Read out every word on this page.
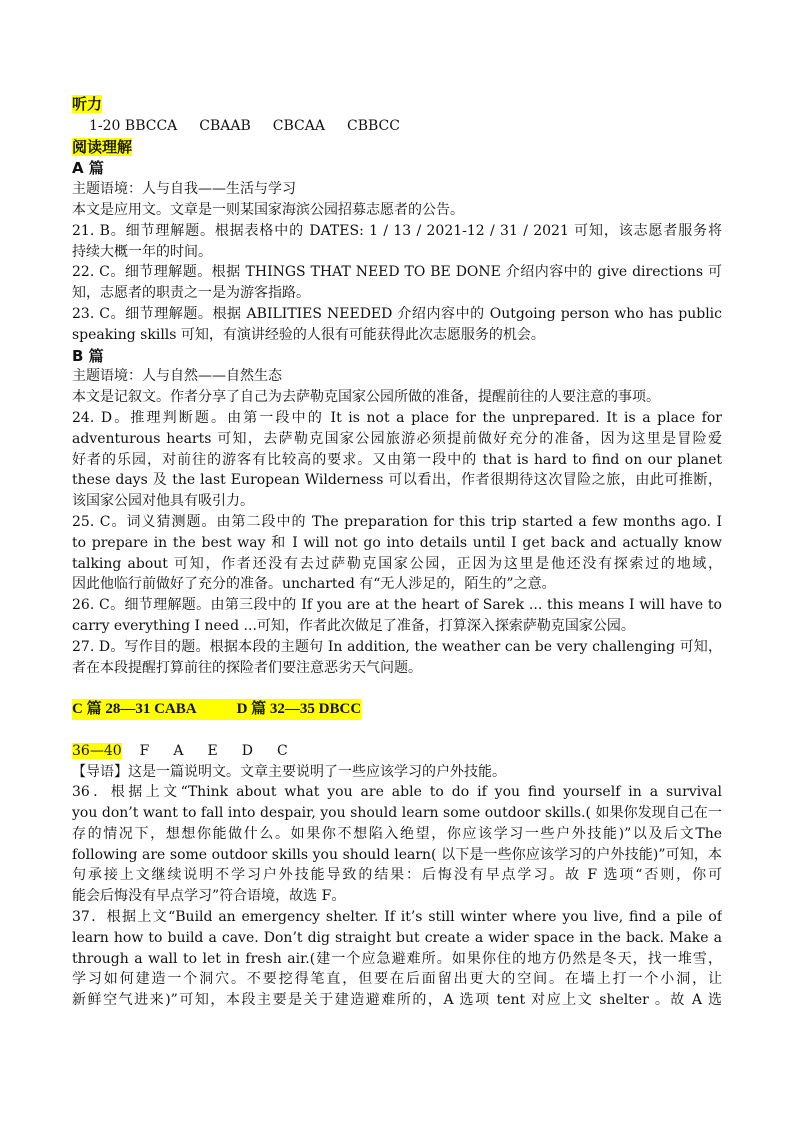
听力
1-20 BBCCA CBAAB CBCAA CBBCC
阅读理解
A 篇
主题语境：人与自我——生活与学习
本文是应用文。文章是一则某国家海滨公园招募志愿者的公告。
21. B。细节理解题。根据表格中的 DATES: 1 / 13 / 2021-12 / 31 / 2021 可知，该志愿者服务将
持续大概一年的时间。
22. C。细节理解题。根据 THINGS THAT NEED TO BE DONE 介绍内容中的 give directions 可
知，志愿者的职责之一是为游客指路。
23. C。细节理解题。根据 ABILITIES NEEDED 介绍内容中的 Outgoing person who has public
speaking skills 可知，有演讲经验的人很有可能获得此次志愿服务的机会。
B 篇
主题语境：人与自然——自然生态
本文是记叙文。作者分享了自己为去萨勒克国家公园所做的准备，提醒前往的人要注意的事项。
24. D。推理判断题。由第一段中的 It is not a place for the unprepared. It is a place for
adventurous hearts 可知，去萨勒克国家公园旅游必须提前做好充分的准备，因为这里是冒险爱
好者的乐园，对前往的游客有比较高的要求。又由第一段中的 that is hard to find on our planet
these days 及 the last European Wilderness 可以看出，作者很期待这次冒险之旅，由此可推断，
该国家公园对他具有吸引力。
25. C。词义猜测题。由第二段中的 The preparation for this trip started a few months ago. I
to prepare in the best way 和 I will not go into details until I get back and actually know
talking about 可知，作者还没有去过萨勒克国家公园，正因为这里是他还没有探索过的地域，
因此他临行前做好了充分的准备。uncharted 有“无人涉足的，陌生的”之意。
26. C。细节理解题。由第三段中的 If you are at the heart of Sarek ... this means I will have to
carry everything I need ...可知，作者此次做足了准备，打算深入探索萨勒克国家公园。
27. D。写作目的题。根据本段的主题句 In addition, the weather can be very challenging 可知，
者在本段提醒打算前往的探险者们要注意恶劣天气问题。
C 篇 28—31 CABA	D 篇 32—35 DBCC
36—40 F A E D C
【导语】这是一篇说明文。文章主要说明了一些应该学习的户外技能。
36．根据上文“Think about what you are able to do if you find yourself in a survival
you don’t want to fall into despair, you should learn some outdoor skills.( 如果你发现自己在一
存的情况下，想想你能做什么。如果你不想陷入绝望，你应该学习一些户外技能)”以及后文The
following are some outdoor skills you should learn( 以下是一些你应该学习的户外技能)”可知，本
句承接上文继续说明不学习户外技能导致的结果：后悔没有早点学习。故 F 选项“否则，你可
能会后悔没有早点学习”符合语境，故选 F。
37．根据上文“Build an emergency shelter. If it’s still winter where you live, find a pile of
learn how to build a cave. Don’t dig straight but create a wider space in the back. Make a
through a wall to let in fresh air.(建一个应急避难所。如果你住的地方仍然是冬天，找一堆雪，
学习如何建造一个洞穴。不要挖得笔直，但要在后面留出更大的空间。在墙上打一个小洞，让
新鲜空气进来)”可知，本段主要是关于建造避难所的，A 选项 tent 对应上文 shelter 。故 A 选
